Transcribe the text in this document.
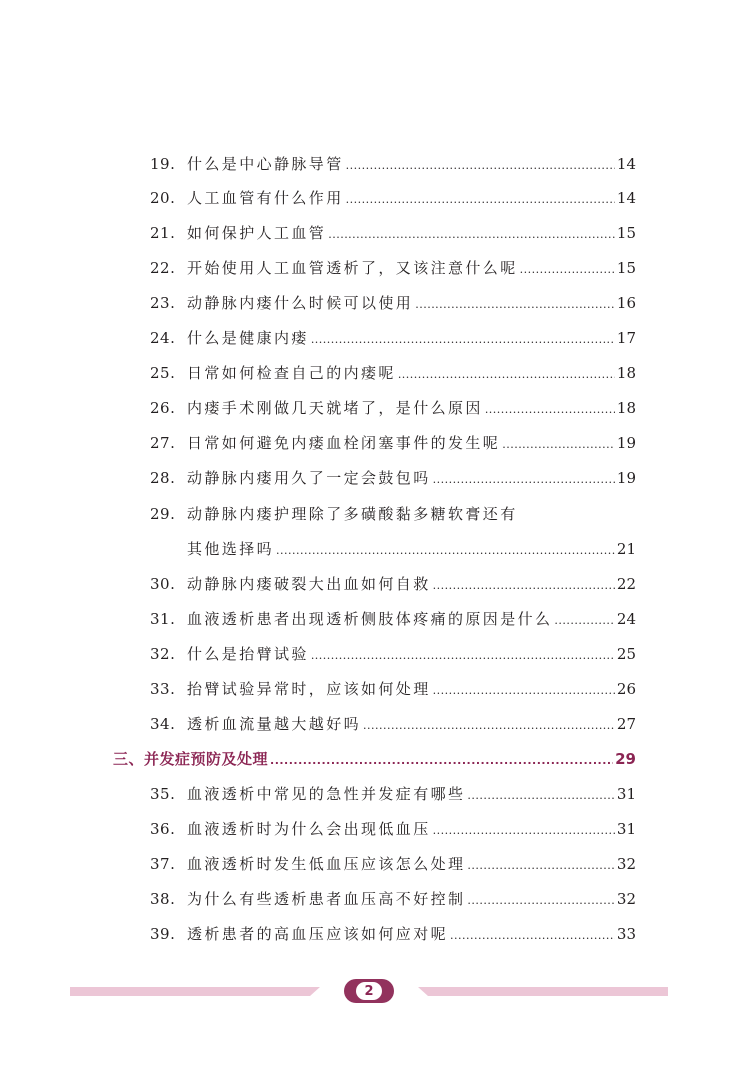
19. 什么是中心静脉导管 .....	14
20. 人工血管有什么作用 .....	14
21. 如何保护人工血管 .....	15
22. 开始使用人工血管透析了，又该注意什么呢 .....	15
23. 动静脉内瘘什么时候可以使用 .....	16
24. 什么是健康内瘘 .....	17
25. 日常如何检查自己的内瘘呢 .....	18
26. 内瘘手术刚做几天就堵了，是什么原因 .....	18
27. 日常如何避免内瘘血栓闭塞事件的发生呢 .....	19
28. 动静脉内瘘用久了一定会鼓包吗 .....	19
29. 动静脉内瘘护理除了多磺酸黏多糖软膏还有
其他选择吗 .....	21
30. 动静脉内瘘破裂大出血如何自救 .....	22
31. 血液透析患者出现透析侧肢体疼痛的原因是什么 .....	24
32. 什么是抬臂试验 .....	25
33. 抬臂试验异常时，应该如何处理 .....	26
34. 透析血流量越大越好吗 .....	27
三、并发症预防及处理 .....	29
35. 血液透析中常见的急性并发症有哪些 .....	31
36. 血液透析时为什么会出现低血压 .....	31
37. 血液透析时发生低血压应该怎么处理 .....	32
38. 为什么有些透析患者血压高不好控制 .....	32
39. 透析患者的高血压应该如何应对呢 .....	33
2
